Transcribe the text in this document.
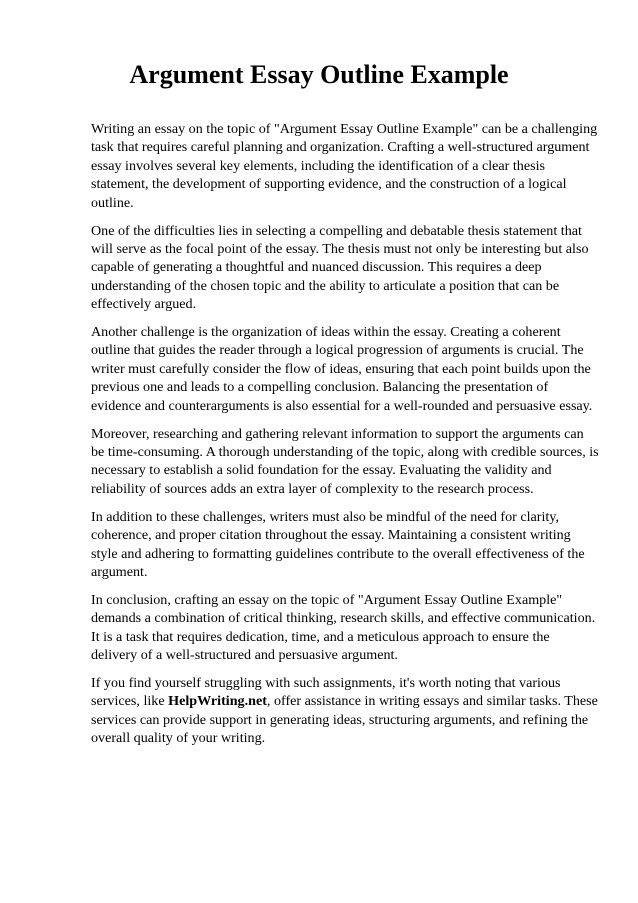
Argument Essay Outline Example

Writing an essay on the topic of "Argument Essay Outline Example" can be a challenging task that requires careful planning and organization. Crafting a well-structured argument essay involves several key elements, including the identification of a clear thesis statement, the development of supporting evidence, and the construction of a logical outline.

One of the difficulties lies in selecting a compelling and debatable thesis statement that will serve as the focal point of the essay. The thesis must not only be interesting but also capable of generating a thoughtful and nuanced discussion. This requires a deep understanding of the chosen topic and the ability to articulate a position that can be effectively argued.

Another challenge is the organization of ideas within the essay. Creating a coherent outline that guides the reader through a logical progression of arguments is crucial. The writer must carefully consider the flow of ideas, ensuring that each point builds upon the previous one and leads to a compelling conclusion. Balancing the presentation of evidence and counterarguments is also essential for a well-rounded and persuasive essay.

Moreover, researching and gathering relevant information to support the arguments can be time-consuming. A thorough understanding of the topic, along with credible sources, is necessary to establish a solid foundation for the essay. Evaluating the validity and reliability of sources adds an extra layer of complexity to the research process.

In addition to these challenges, writers must also be mindful of the need for clarity, coherence, and proper citation throughout the essay. Maintaining a consistent writing style and adhering to formatting guidelines contribute to the overall effectiveness of the argument.

In conclusion, crafting an essay on the topic of "Argument Essay Outline Example" demands a combination of critical thinking, research skills, and effective communication. It is a task that requires dedication, time, and a meticulous approach to ensure the delivery of a well-structured and persuasive argument.

If you find yourself struggling with such assignments, it's worth noting that various services, like HelpWriting.net, offer assistance in writing essays and similar tasks. These services can provide support in generating ideas, structuring arguments, and refining the overall quality of your writing.
